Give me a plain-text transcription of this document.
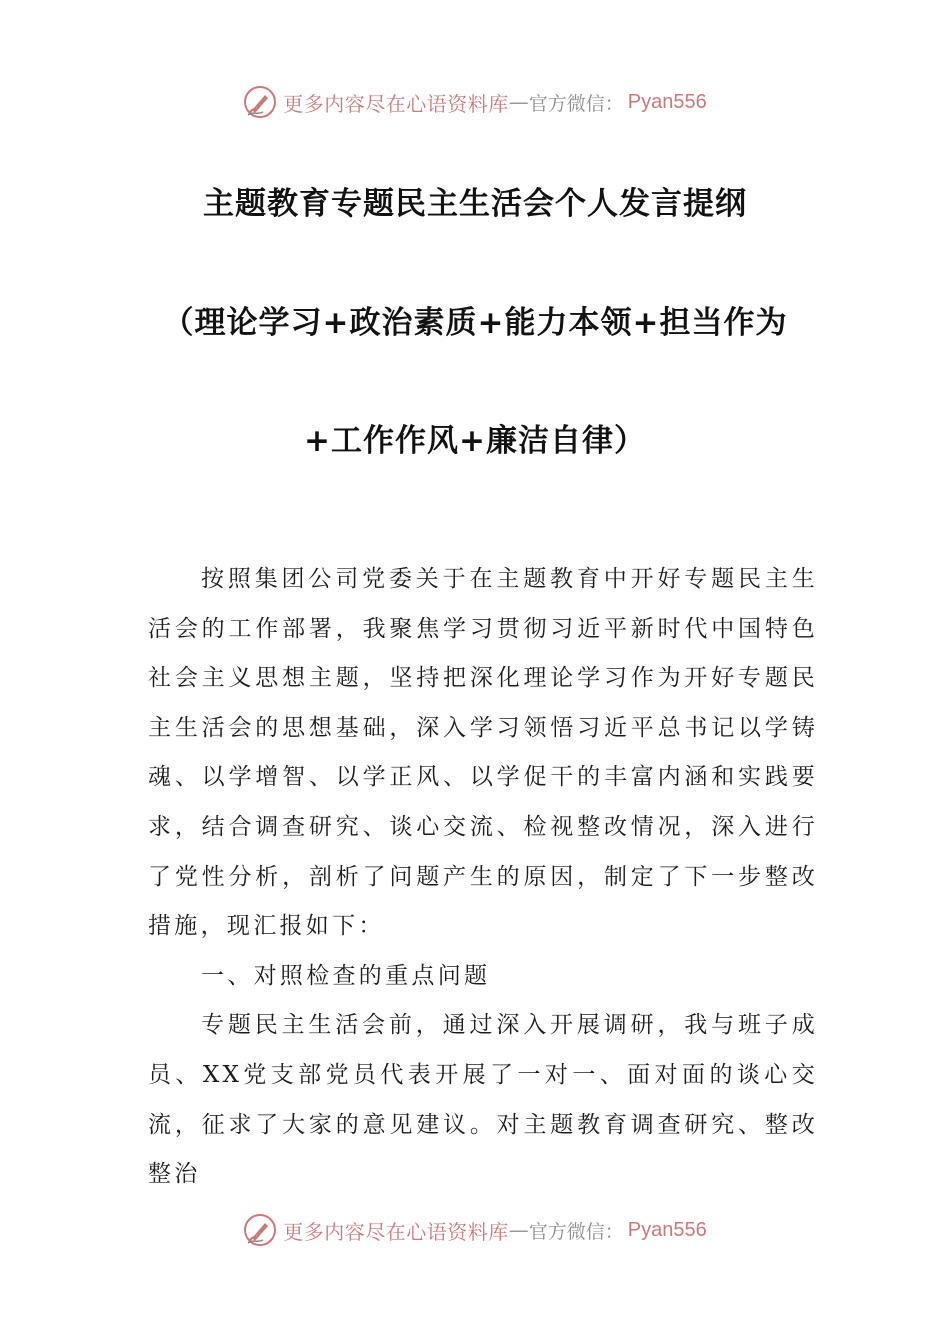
更多内容尽在心语资料库 — 官方微信： Pyan556
主题教育专题民主生活会个人发言提纲
（理论学习+政治素质+能力本领+担当作为
+工作作风+廉洁自律）

按照集团公司党委关于在主题教育中开好专题民主生活会的工作部署，我聚焦学习贯彻习近平新时代中国特色社会主义思想主题，坚持把深化理论学习作为开好专题民主生活会的思想基础，深入学习领悟习近平总书记以学铸魂、以学增智、以学正风、以学促干的丰富内涵和实践要求，结合调查研究、谈心交流、检视整改情况，深入进行了党性分析，剖析了问题产生的原因，制定了下一步整改措施，现汇报如下：

一、对照检查的重点问题

专题民主生活会前，通过深入开展调研，我与班子成员、XX党支部党员代表开展了一对一、面对面的谈心交流，征求了大家的意见建议。对主题教育调查研究、整改整治

更多内容尽在心语资料库 — 官方微信： Pyan556
